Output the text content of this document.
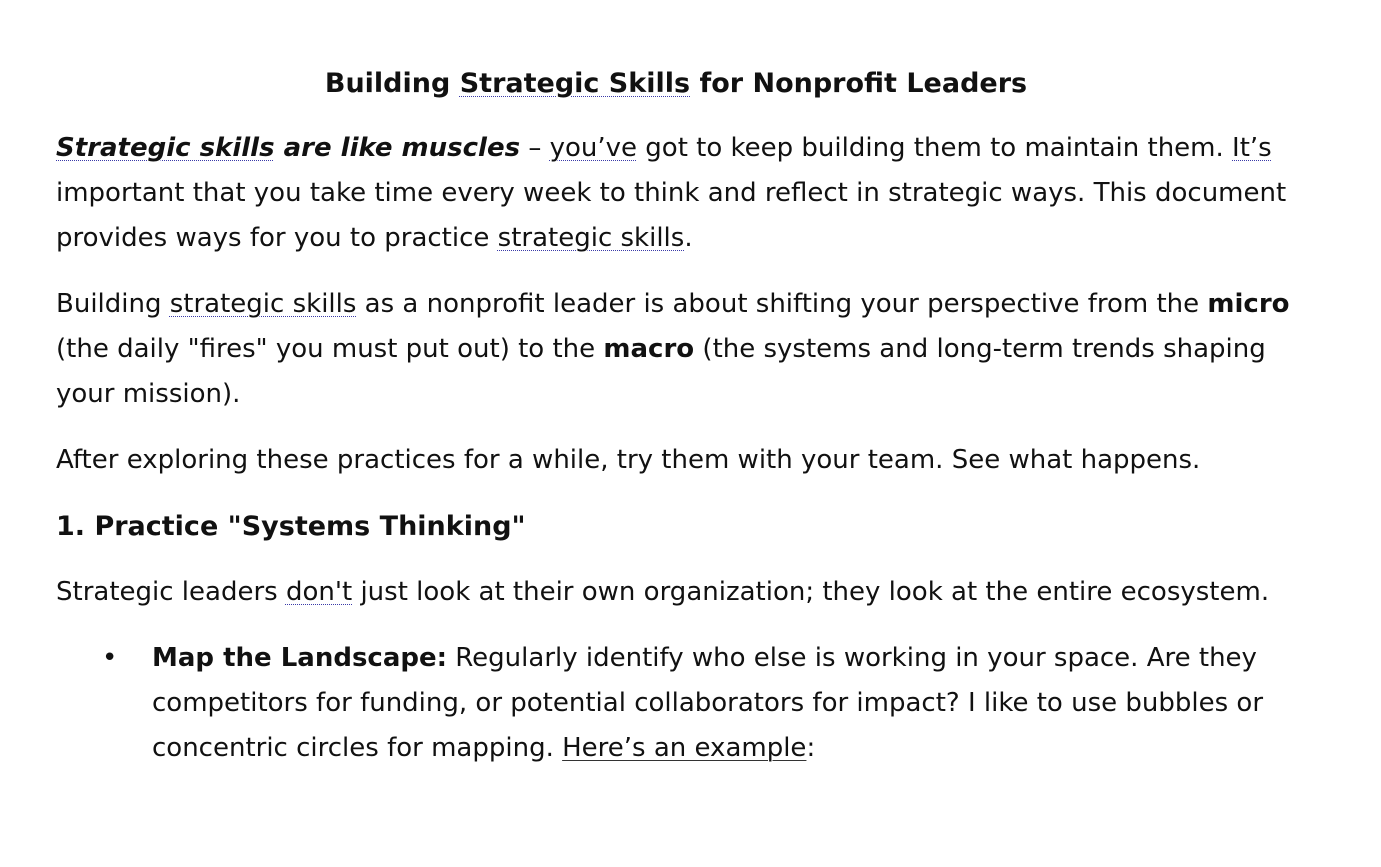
Building Strategic Skills for Nonprofit Leaders

Strategic skills are like muscles – you’ve got to keep building them to maintain them. It’s important that you take time every week to think and reflect in strategic ways. This document provides ways for you to practice strategic skills.

Building strategic skills as a nonprofit leader is about shifting your perspective from the micro (the daily "fires" you must put out) to the macro (the systems and long-term trends shaping your mission).

After exploring these practices for a while, try them with your team. See what happens.

1. Practice "Systems Thinking"

Strategic leaders don't just look at their own organization; they look at the entire ecosystem.

• Map the Landscape: Regularly identify who else is working in your space. Are they competitors for funding, or potential collaborators for impact? I like to use bubbles or concentric circles for mapping. Here’s an example:
